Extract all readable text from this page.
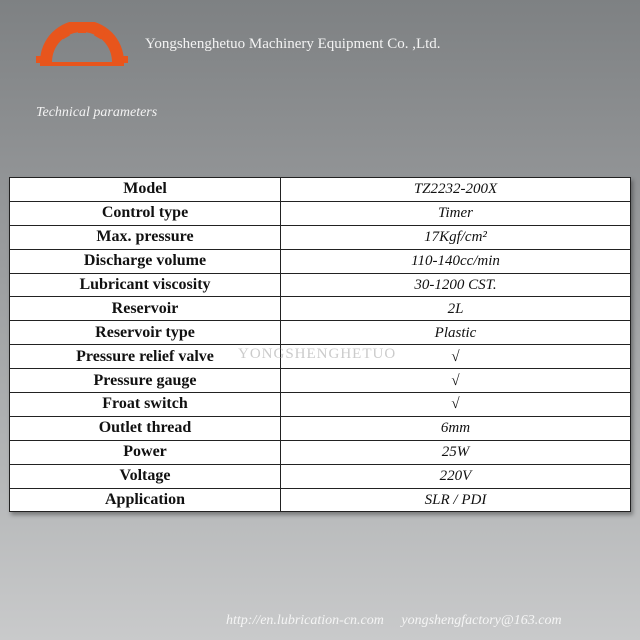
Yongshenghetuo Machinery Equipment Co. ,Ltd.
Technical parameters
Model	TZ2232-200X
Control type	Timer
Max. pressure	17Kgf/cm²
Discharge volume	110-140cc/min
Lubricant viscosity	30-1200 CST.
Reservoir	2L
Reservoir type	Plastic
Pressure relief valve	√
Pressure gauge	√
Froat switch	√
Outlet thread	6mm
Power	25W
Voltage	220V
Application	SLR / PDI
YONGSHENGHETUO
http://en.lubrication-cn.com yongshengfactory@163.com
